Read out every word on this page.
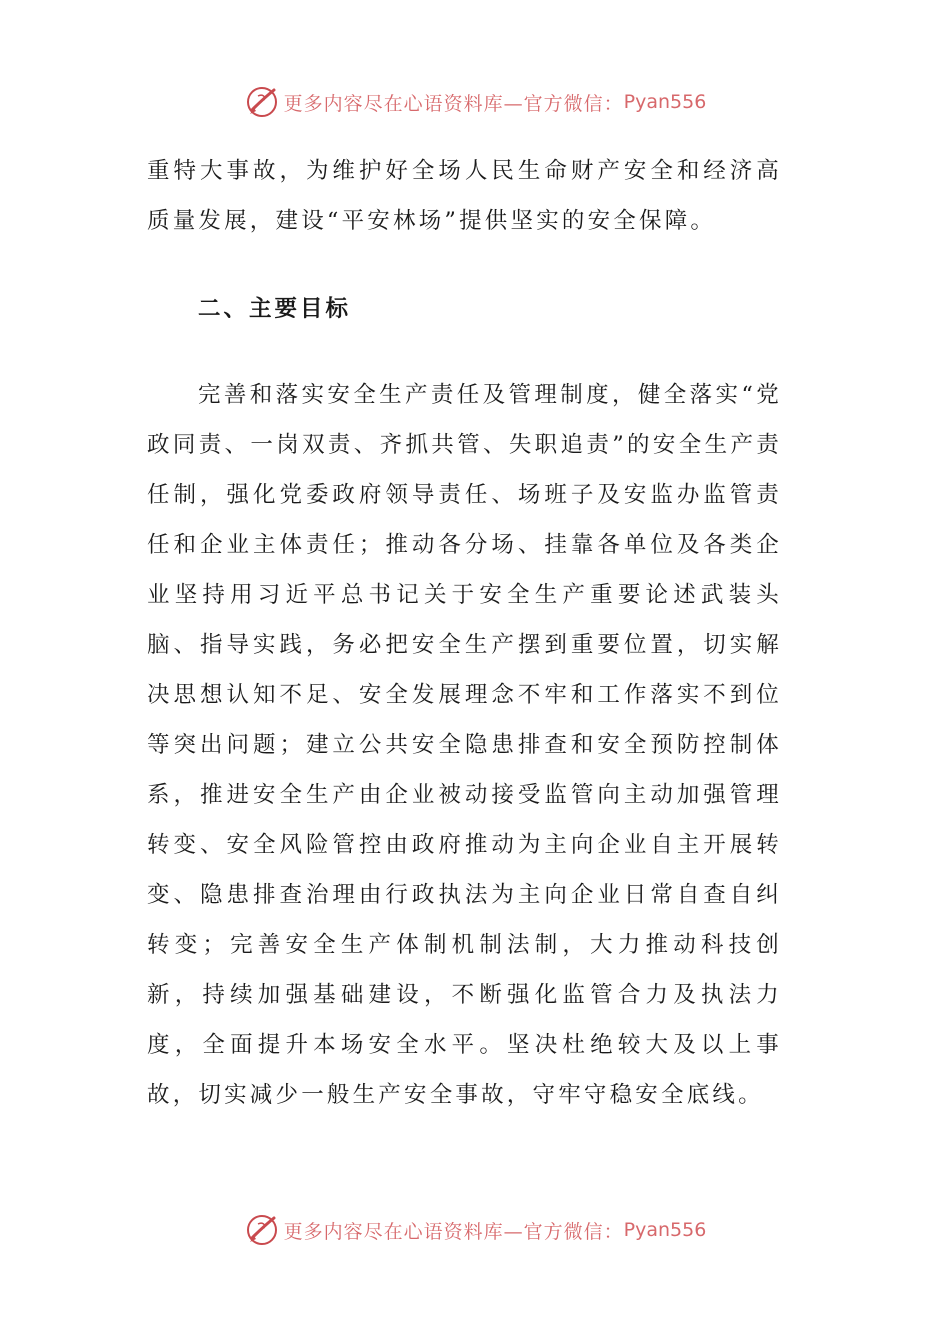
更多内容尽在心语资料库—官方微信： Pyan556

重特大事故，为维护好全场人民生命财产安全和经济高质量发展，建设“平安林场”提供坚实的安全保障。

二、主要目标

完善和落实安全生产责任及管理制度，健全落实“党政同责、一岗双责、齐抓共管、失职追责”的安全生产责任制，强化党委政府领导责任、场班子及安监办监管责任和企业主体责任；推动各分场、挂靠各单位及各类企业坚持用习近平总书记关于安全生产重要论述武装头脑、指导实践，务必把安全生产摆到重要位置，切实解决思想认知不足、安全发展理念不牢和工作落实不到位等突出问题；建立公共安全隐患排查和安全预防控制体系，推进安全生产由企业被动接受监管向主动加强管理转变、安全风险管控由政府推动为主向企业自主开展转变、隐患排查治理由行政执法为主向企业日常自查自纠转变；完善安全生产体制机制法制，大力推动科技创新，持续加强基础建设，不断强化监管合力及执法力度，全面提升本场安全水平。坚决杜绝较大及以上事故，切实减少一般生产安全事故，守牢守稳安全底线。

更多内容尽在心语资料库—官方微信： Pyan556
